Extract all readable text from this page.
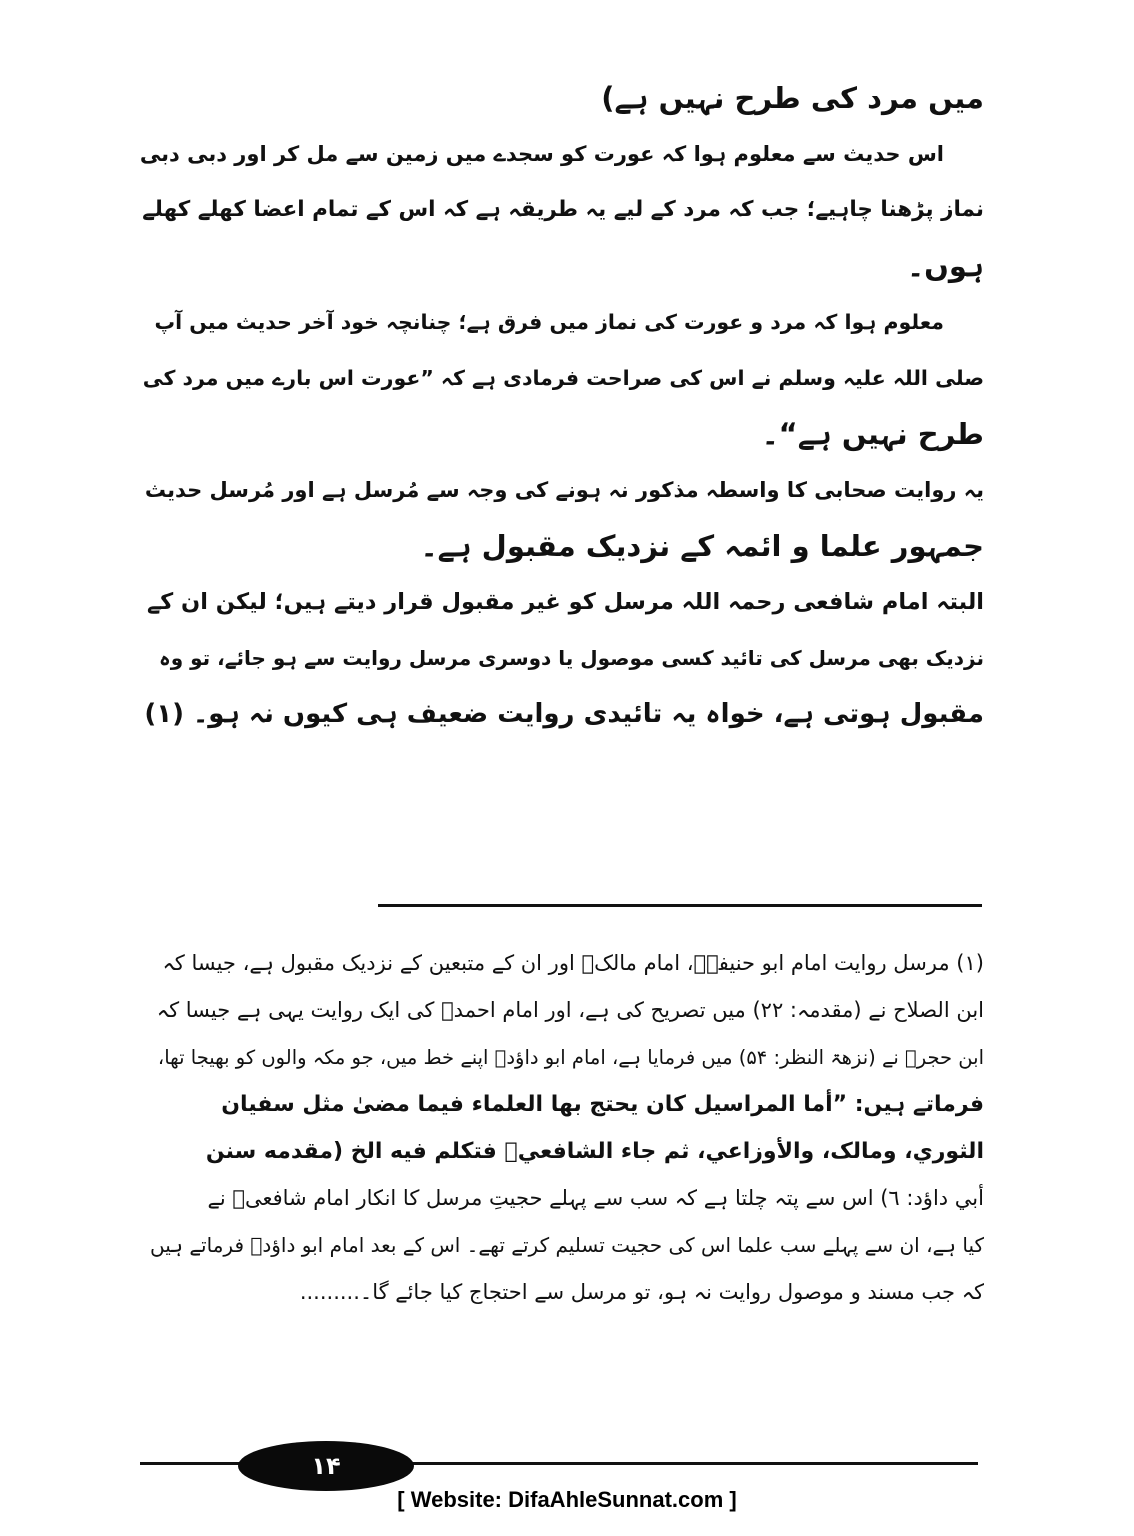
میں مرد کی طرح نہیں ہے)
اس حدیث سے معلوم ہوا کہ عورت کو سجدے میں زمین سے مل کر اور دبی دبی
نماز پڑھنا چاہیے؛ جب کہ مرد کے لیے یہ طریقہ ہے کہ اس کے تمام اعضا کھلے کھلے
ہوں۔
معلوم ہوا کہ مرد و عورت کی نماز میں فرق ہے؛ چنانچہ خود آخر حدیث میں آپ
صلی اللہ علیہ وسلم نے اس کی صراحت فرمادی ہے کہ ”عورت اس بارے میں مرد کی
طرح نہیں ہے“۔
یہ روایت صحابی کا واسطہ مذکور نہ ہونے کی وجہ سے مُرسل ہے اور مُرسل حدیث
جمہور علما و ائمہ کے نزدیک مقبول ہے۔
البتہ امام شافعی رحمہ اللہ مرسل کو غیر مقبول قرار دیتے ہیں؛ لیکن ان کے
نزدیک بھی مرسل کی تائید کسی موصول یا دوسری مرسل روایت سے ہو جائے، تو وہ
مقبول ہوتی ہے، خواہ یہ تائیدی روایت ضعیف ہی کیوں نہ ہو۔ (۱)
(۱) مرسل روایت امام ابو حنیفہؒ، امام مالکؒ اور ان کے متبعین کے نزدیک مقبول ہے، جیسا کہ
ابن الصلاح نے (مقدمہ: ۲۲) میں تصریح کی ہے، اور امام احمدؒ کی ایک روایت یہی ہے جیسا کہ
ابن حجرؒ نے (نزھۃ النظر: ۵۴) میں فرمایا ہے، امام ابو داؤدؒ اپنے خط میں، جو مکہ والوں کو بھیجا تھا،
فرماتے ہیں: ”أما المراسيل كان يحتج بها العلماء فيما مضیٰ مثل سفيان
الثوري، ومالک، والأوزاعي، ثم جاء الشافعيؒ فتكلم فيه الخ (مقدمه سنن
أبي داؤد: ٦) اس سے پتہ چلتا ہے کہ سب سے پہلے حجیتِ مرسل کا انکار امام شافعیؒ نے
کیا ہے، ان سے پہلے سب علما اس کی حجیت تسلیم کرتے تھے۔ اس کے بعد امام ابو داؤدؒ فرماتے ہیں
کہ جب مسند و موصول روایت نہ ہو، تو مرسل سے احتجاج کیا جائے گا۔.........
۱۴
[ Website: DifaAhleSunnat.com ]
